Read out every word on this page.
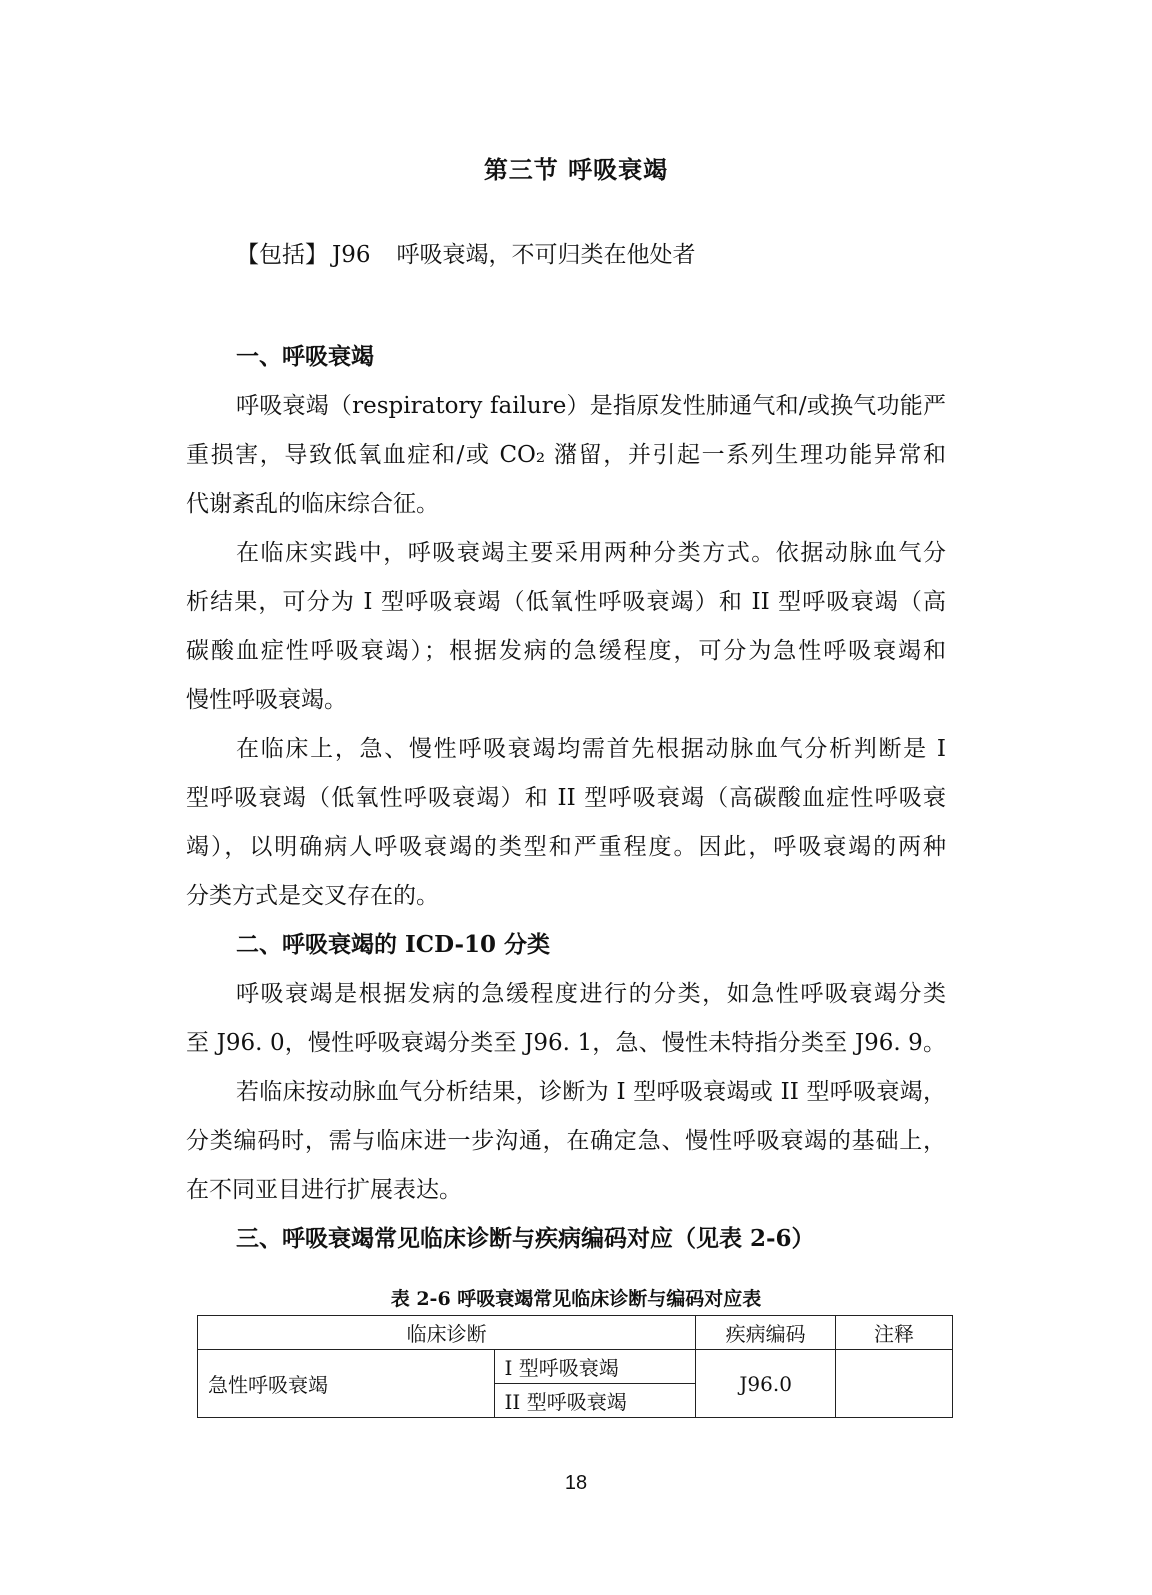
第三节 呼吸衰竭
【包括】 J96 呼吸衰竭，不可归类在他处者
一、呼吸衰竭
呼吸衰竭（respiratory failure）是指原发性肺通气和/或换气功能严
重损害，导致低氧血症和/或 CO₂ 潴留，并引起一系列生理功能异常和
代谢紊乱的临床综合征。
在临床实践中，呼吸衰竭主要采用两种分类方式。依据动脉血气分
析结果，可分为 I 型呼吸衰竭（低氧性呼吸衰竭）和 II 型呼吸衰竭（高
碳酸血症性呼吸衰竭）；根据发病的急缓程度，可分为急性呼吸衰竭和
慢性呼吸衰竭。
在临床上，急、慢性呼吸衰竭均需首先根据动脉血气分析判断是 I
型呼吸衰竭（低氧性呼吸衰竭）和 II 型呼吸衰竭（高碳酸血症性呼吸衰
竭），以明确病人呼吸衰竭的类型和严重程度。因此，呼吸衰竭的两种
分类方式是交叉存在的。
二、呼吸衰竭的 ICD-10 分类
呼吸衰竭是根据发病的急缓程度进行的分类，如急性呼吸衰竭分类
至 J96. 0，慢性呼吸衰竭分类至 J96. 1，急、慢性未特指分类至 J96. 9。
若临床按动脉血气分析结果，诊断为 I 型呼吸衰竭或 II 型呼吸衰竭，
分类编码时，需与临床进一步沟通，在确定急、慢性呼吸衰竭的基础上，
在不同亚目进行扩展表达。
三、呼吸衰竭常见临床诊断与疾病编码对应（见表 2-6）
表 2-6 呼吸衰竭常见临床诊断与编码对应表
临床诊断		疾病编码	注释
急性呼吸衰竭	I 型呼吸衰竭	J96.0	
	II 型呼吸衰竭		
18
